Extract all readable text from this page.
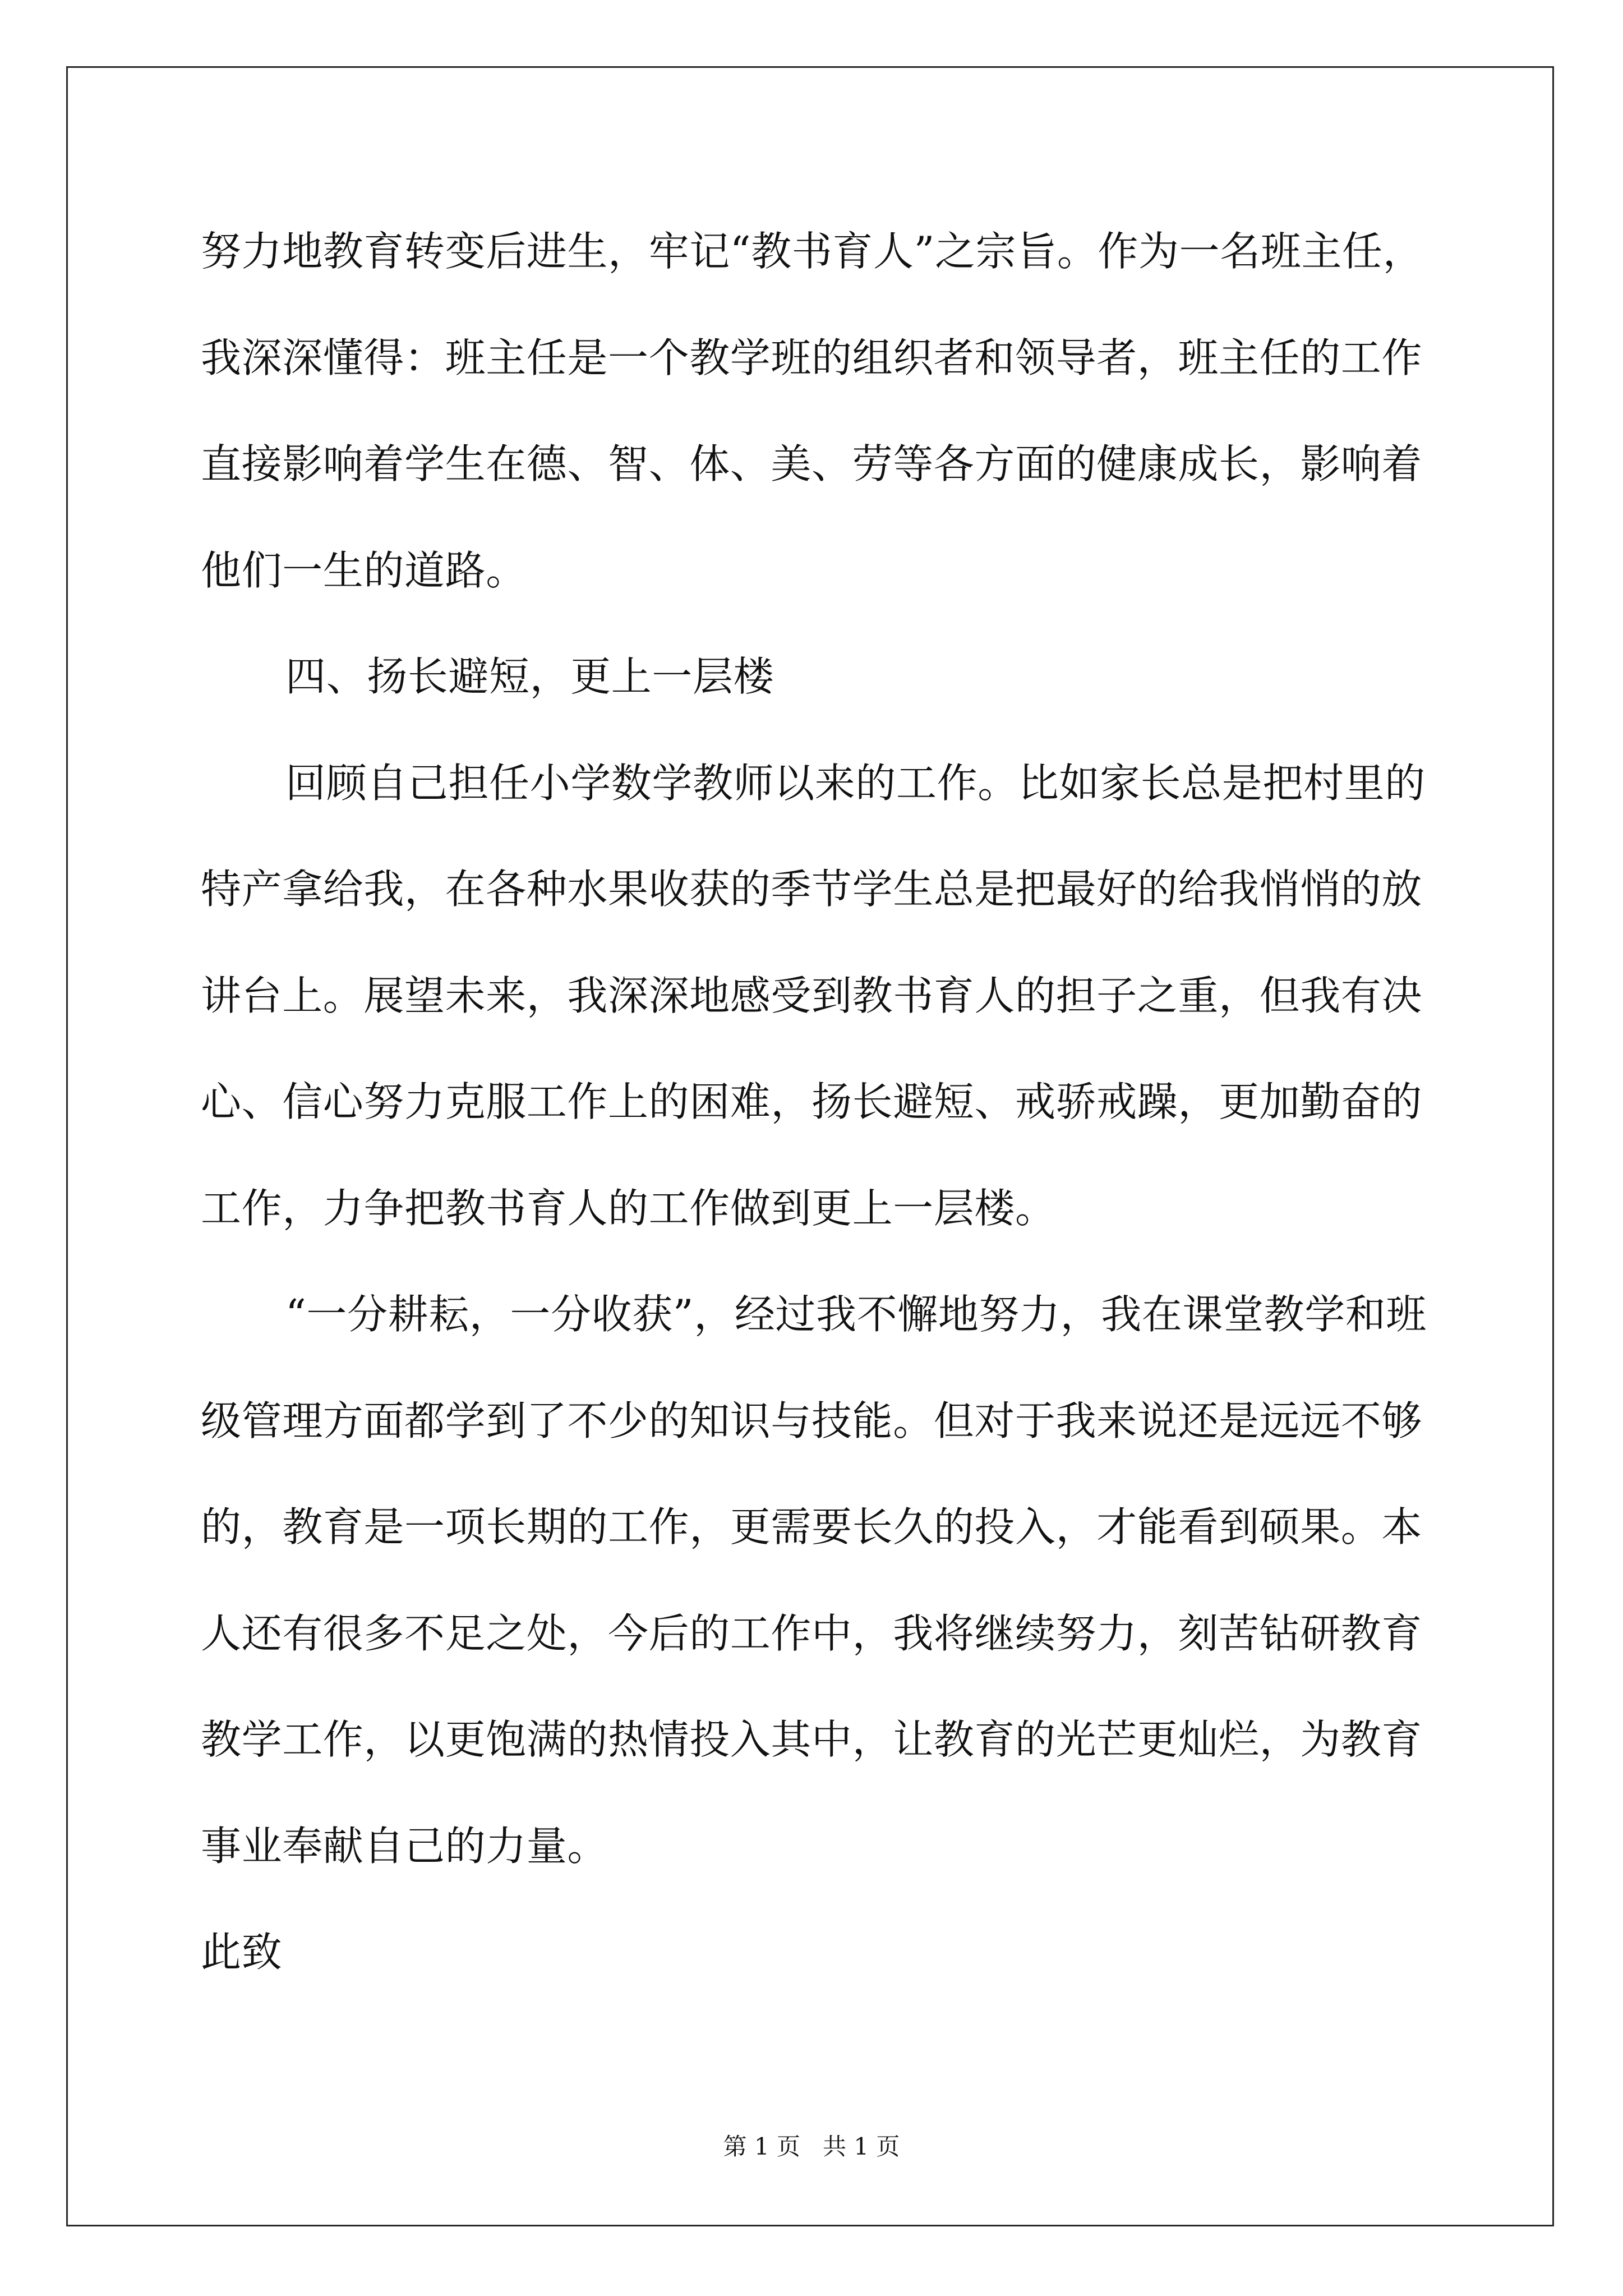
努力地教育转变后进生，牢记“教书育人”之宗旨。作为一名班主任，

我深深懂得：班主任是一个教学班的组织者和领导者，班主任的工作

直接影响着学生在德、智、体、美、劳等各方面的健康成长，影响着

他们一生的道路。

四、扬长避短，更上一层楼

回顾自己担任小学数学教师以来的工作。比如家长总是把村里的

特产拿给我，在各种水果收获的季节学生总是把最好的给我悄悄的放

讲台上。展望未来，我深深地感受到教书育人的担子之重，但我有决

心、信心努力克服工作上的困难，扬长避短、戒骄戒躁，更加勤奋的

工作，力争把教书育人的工作做到更上一层楼。

“一分耕耘，一分收获”，经过我不懈地努力，我在课堂教学和班

级管理方面都学到了不少的知识与技能。但对于我来说还是远远不够

的，教育是一项长期的工作，更需要长久的投入，才能看到硕果。本

人还有很多不足之处，今后的工作中，我将继续努力，刻苦钻研教育

教学工作，以更饱满的热情投入其中，让教育的光芒更灿烂，为教育

事业奉献自己的力量。

此致

第 1 页 共 1 页
